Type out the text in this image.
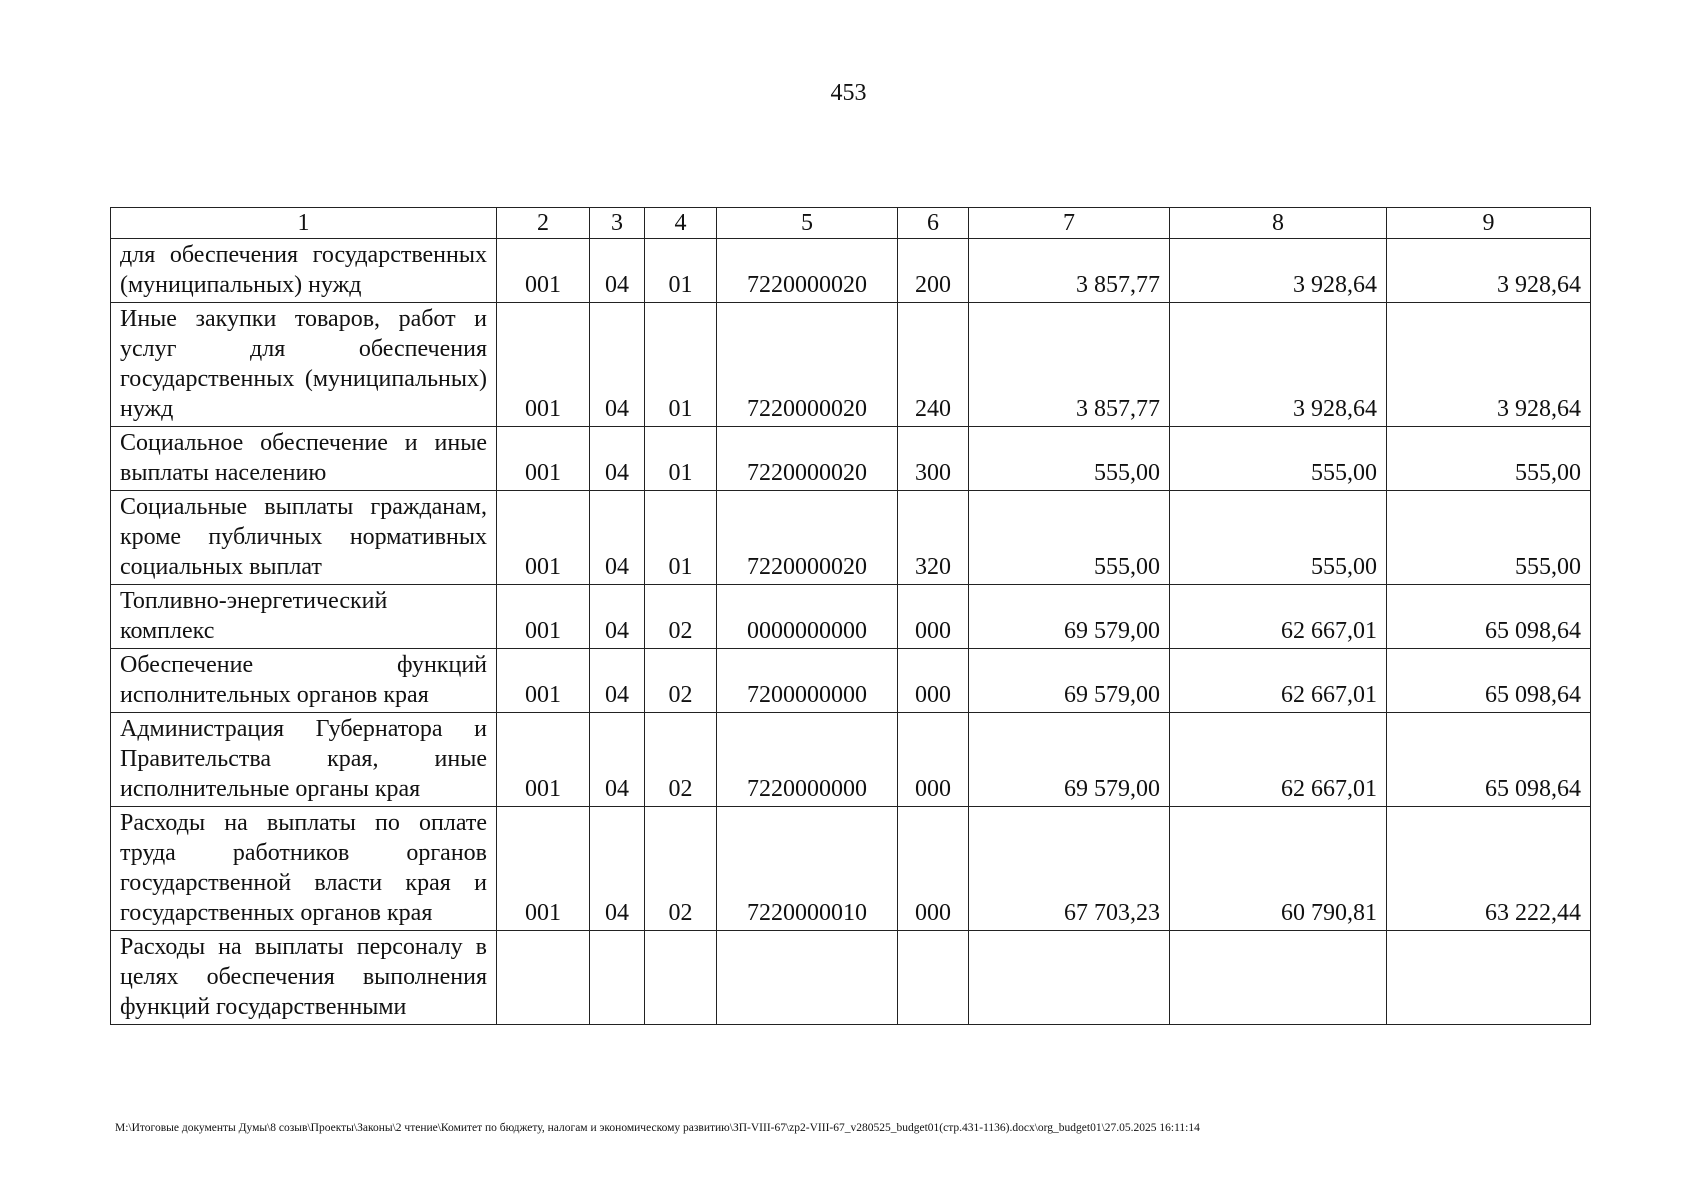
453
1	2	3	4	5	6	7	8	9
для обеспечения государственных (муниципальных) нужд	001	04	01	7220000020	200	3 857,77	3 928,64	3 928,64
Иные закупки товаров, работ и услуг для обеспечения государственных (муниципальных) нужд	001	04	01	7220000020	240	3 857,77	3 928,64	3 928,64
Социальное обеспечение и иные выплаты населению	001	04	01	7220000020	300	555,00	555,00	555,00
Социальные выплаты гражданам, кроме публичных нормативных социальных выплат	001	04	01	7220000020	320	555,00	555,00	555,00
Топливно-энергетический комплекс	001	04	02	0000000000	000	69 579,00	62 667,01	65 098,64
Обеспечение функций исполнительных органов края	001	04	02	7200000000	000	69 579,00	62 667,01	65 098,64
Администрация Губернатора и Правительства края, иные исполнительные органы края	001	04	02	7220000000	000	69 579,00	62 667,01	65 098,64
Расходы на выплаты по оплате труда работников органов государственной власти края и государственных органов края	001	04	02	7220000010	000	67 703,23	60 790,81	63 222,44
Расходы на выплаты персоналу в целях обеспечения выполнения функций государственными								
M:\Итоговые документы Думы\8 созыв\Проекты\Законы\2 чтение\Комитет по бюджету, налогам и экономическому развитию\ЗП-VIII-67\zp2-VIII-67_v280525_budget01(стр.431-1136).docx\org_budget01\27.05.2025 16:11:14
